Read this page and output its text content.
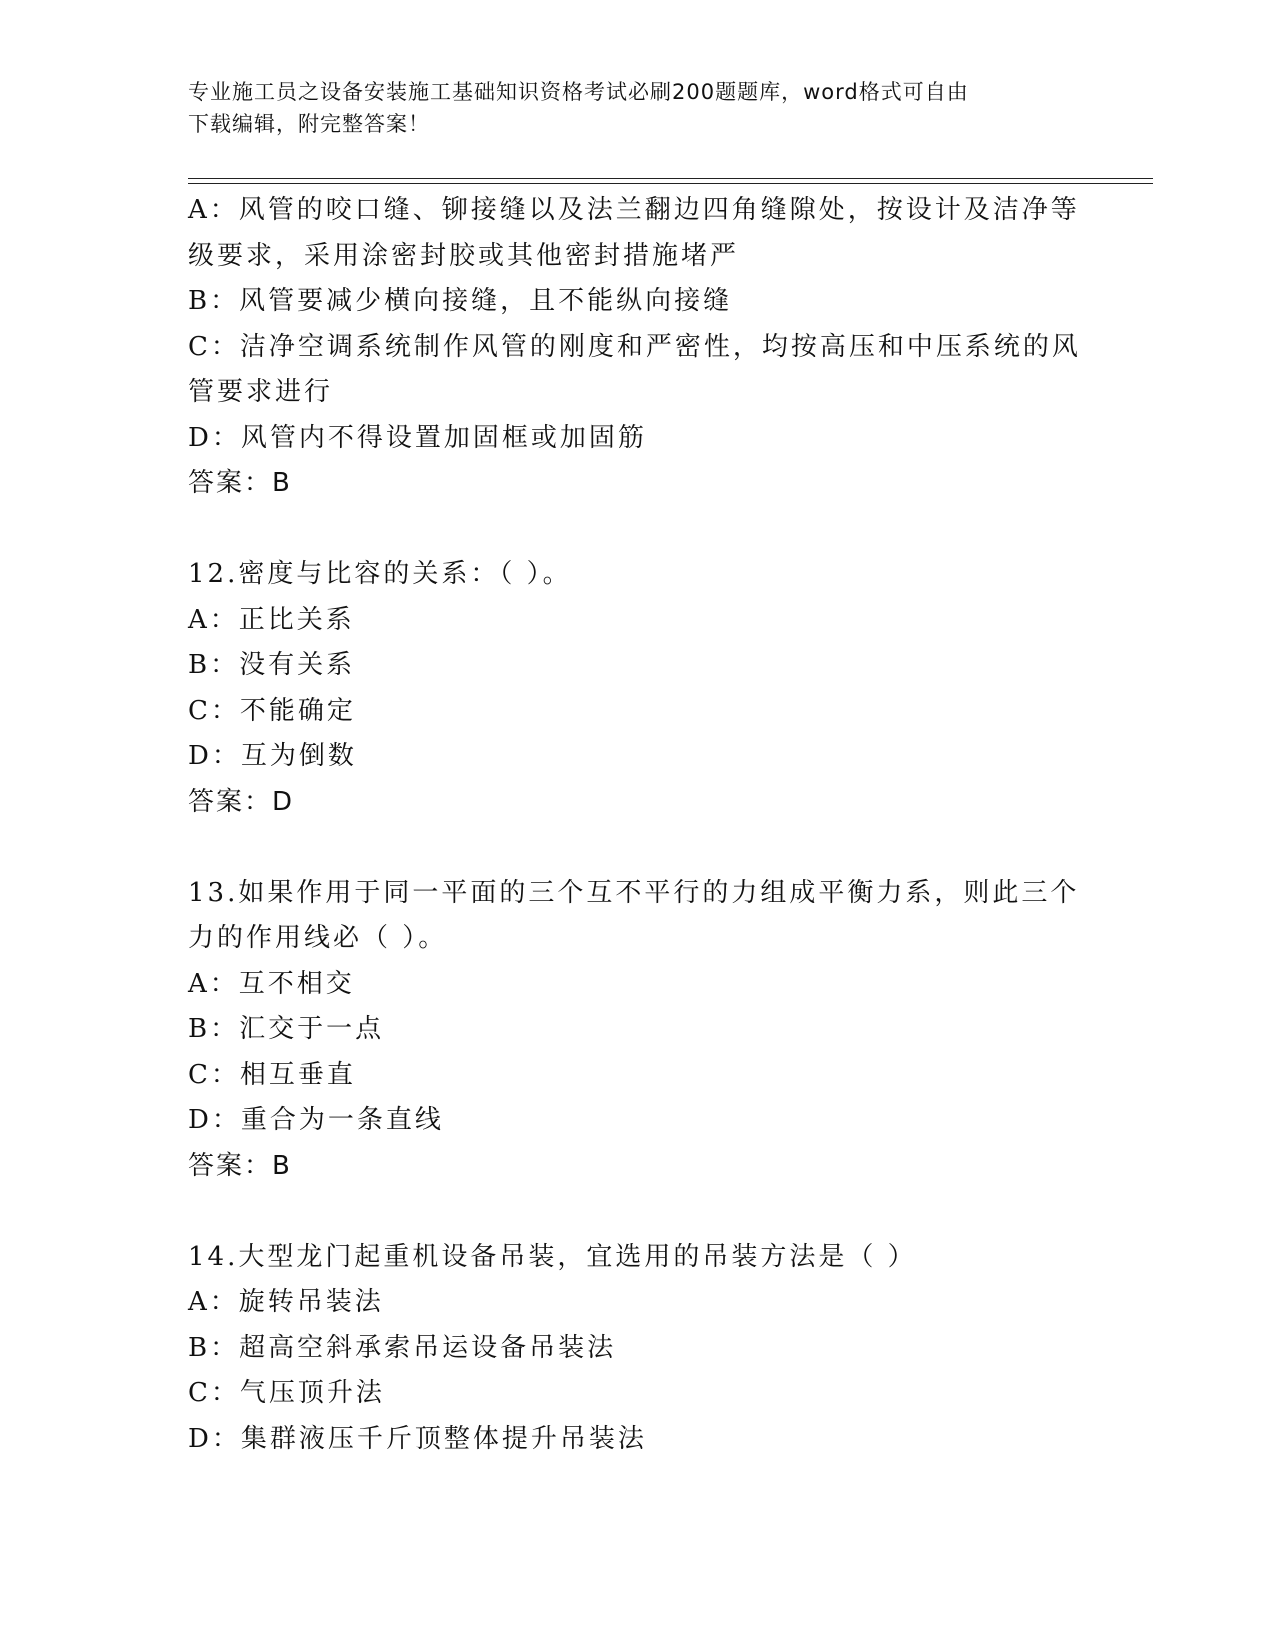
专业施工员之设备安装施工基础知识资格考试必刷200题题库，word格式可自由
下载编辑，附完整答案！
A：风管的咬口缝、铆接缝以及法兰翻边四角缝隙处，按设计及洁净等
级要求，采用涂密封胶或其他密封措施堵严
B：风管要减少横向接缝，且不能纵向接缝
C：洁净空调系统制作风管的刚度和严密性，均按高压和中压系统的风
管要求进行
D：风管内不得设置加固框或加固筋
答案：B
12.密度与比容的关系：（ ）。
A：正比关系
B：没有关系
C：不能确定
D：互为倒数
答案：D
13.如果作用于同一平面的三个互不平行的力组成平衡力系，则此三个
力的作用线必（ ）。
A：互不相交
B：汇交于一点
C：相互垂直
D：重合为一条直线
答案：B
14.大型龙门起重机设备吊装，宜选用的吊装方法是（ ）
A：旋转吊装法
B：超高空斜承索吊运设备吊装法
C：气压顶升法
D：集群液压千斤顶整体提升吊装法
